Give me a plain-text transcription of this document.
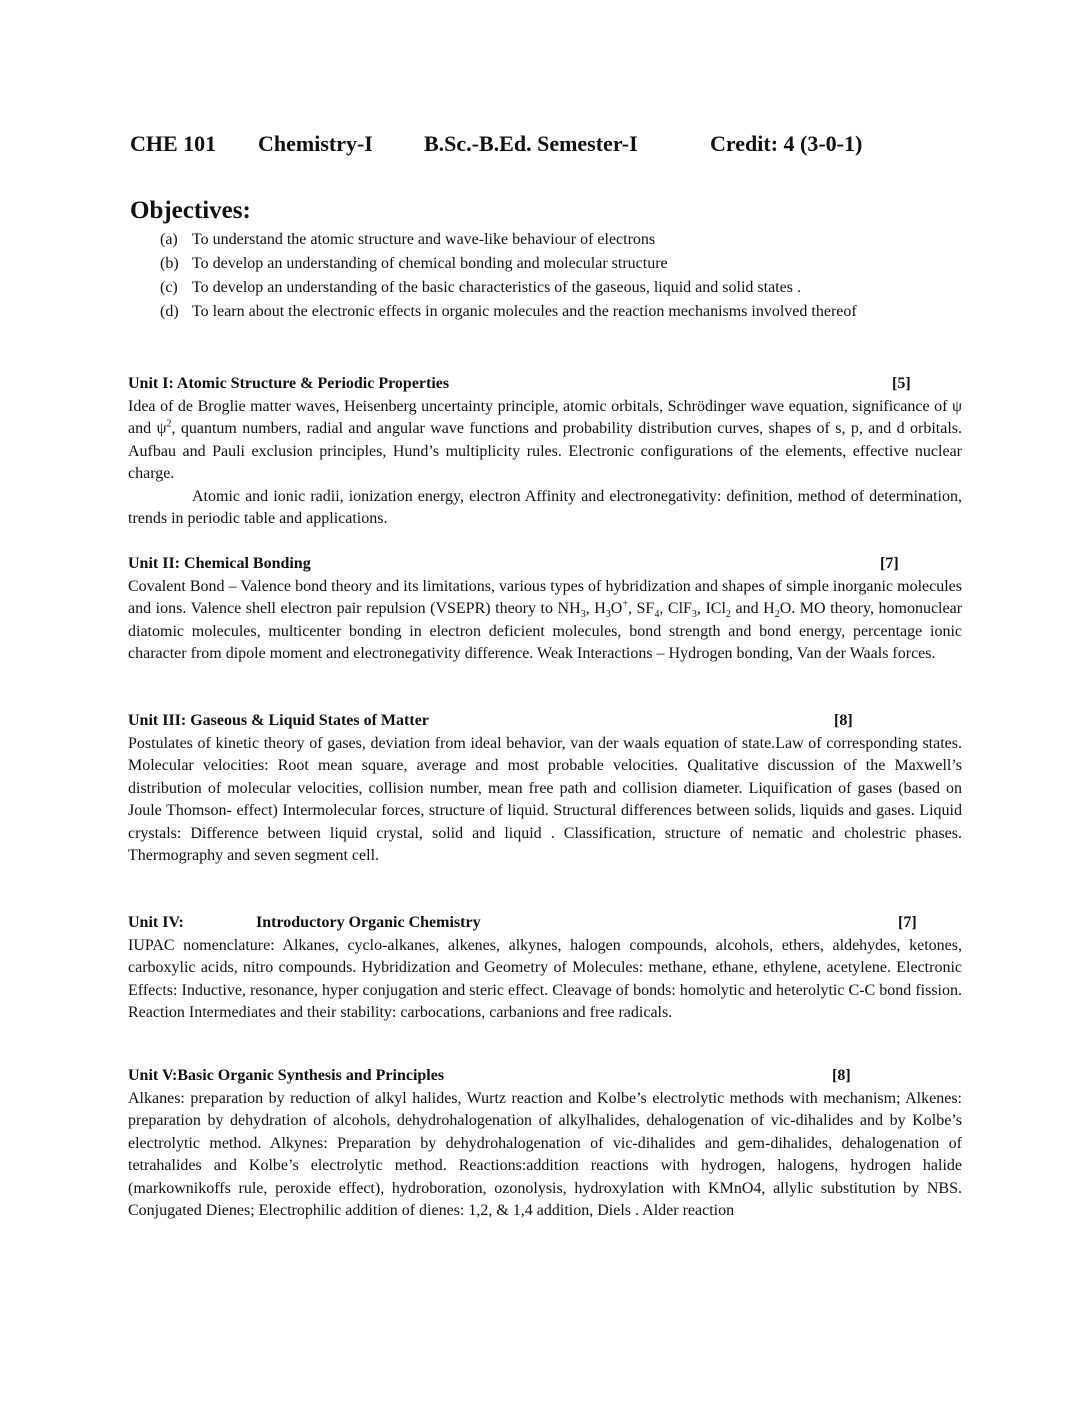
CHE 101 Chemistry-I B.Sc.-B.Ed. Semester-I	Credit: 4 (3-0-1)
Objectives:
(a) To understand the atomic structure and wave-like behaviour of electrons
(b) To develop an understanding of chemical bonding and molecular structure
(c) To develop an understanding of the basic characteristics of the gaseous, liquid and solid states .
(d) To learn about the electronic effects in organic molecules and the reaction mechanisms involved thereof
Unit I: Atomic Structure & Periodic Properties	[5]

Idea of de Broglie matter waves, Heisenberg uncertainty principle, atomic orbitals, Schrödinger wave equation, significance of ψ and $\psi^2$, quantum numbers, radial and angular wave functions and probability distribution curves, shapes of s, p, and d orbitals. Aufbau and Pauli exclusion principles, Hund’s multiplicity rules. Electronic configurations of the elements, effective nuclear charge.

Atomic and ionic radii, ionization energy, electron Affinity and electronegativity: definition, method of determination, trends in periodic table and applications.

Unit II: Chemical Bonding	[7]

Covalent Bond – Valence bond theory and its limitations, various types of hybridization and shapes of simple inorganic molecules and ions. Valence shell electron pair repulsion (VSEPR) theory to $NH_3$, $H_3O^+$, $SF_4$, ClF$_3$, ICl$_2$ and $H_2O$. MO theory, homonuclear diatomic molecules, multicenter bonding in electron deficient molecules, bond strength and bond energy, percentage ionic character from dipole moment and electronegativity difference. Weak Interactions – Hydrogen bonding, Van der Waals forces.

Unit III: Gaseous & Liquid States of Matter	[8]

Postulates of kinetic theory of gases, deviation from ideal behavior, van der waals equation of state.Law of corresponding states. Molecular velocities: Root mean square, average and most probable velocities. Qualitative discussion of the Maxwell’s distribution of molecular velocities, collision number, mean free path and collision diameter. Liquification of gases (based on Joule Thomson- effect) Intermolecular forces, structure of liquid. Structural differences between solids, liquids and gases. Liquid crystals: Difference between liquid crystal, solid and liquid . Classification, structure of nematic and cholestric phases. Thermography and seven segment cell.

Unit IV:	Introductory Organic Chemistry	[7]

IUPAC nomenclature: Alkanes, cyclo-alkanes, alkenes, alkynes, halogen compounds, alcohols, ethers, aldehydes, ketones, carboxylic acids, nitro compounds. Hybridization and Geometry of Molecules: methane, ethane, ethylene, acetylene. Electronic Effects: Inductive, resonance, hyper conjugation and steric effect. Cleavage of bonds: homolytic and heterolytic C-C bond fission. Reaction Intermediates and their stability: carbocations, carbanions and free radicals.

Unit V:Basic Organic Synthesis and Principles	[8]

Alkanes: preparation by reduction of alkyl halides, Wurtz reaction and Kolbe’s electrolytic methods with mechanism; Alkenes: preparation by dehydration of alcohols, dehydrohalogenation of alkylhalides, dehalogenation of vic-dihalides and by Kolbe’s electrolytic method. Alkynes: Preparation by dehydrohalogenation of vic-dihalides and gem-dihalides, dehalogenation of tetrahalides and Kolbe’s electrolytic method. Reactions:addition reactions with hydrogen, halogens, hydrogen halide (markownikoffs rule, peroxide effect), hydroboration, ozonolysis, hydroxylation with KMnO4, allylic substitution by NBS. Conjugated Dienes; Electrophilic addition of dienes: 1,2, & 1,4 addition, Diels . Alder reaction
